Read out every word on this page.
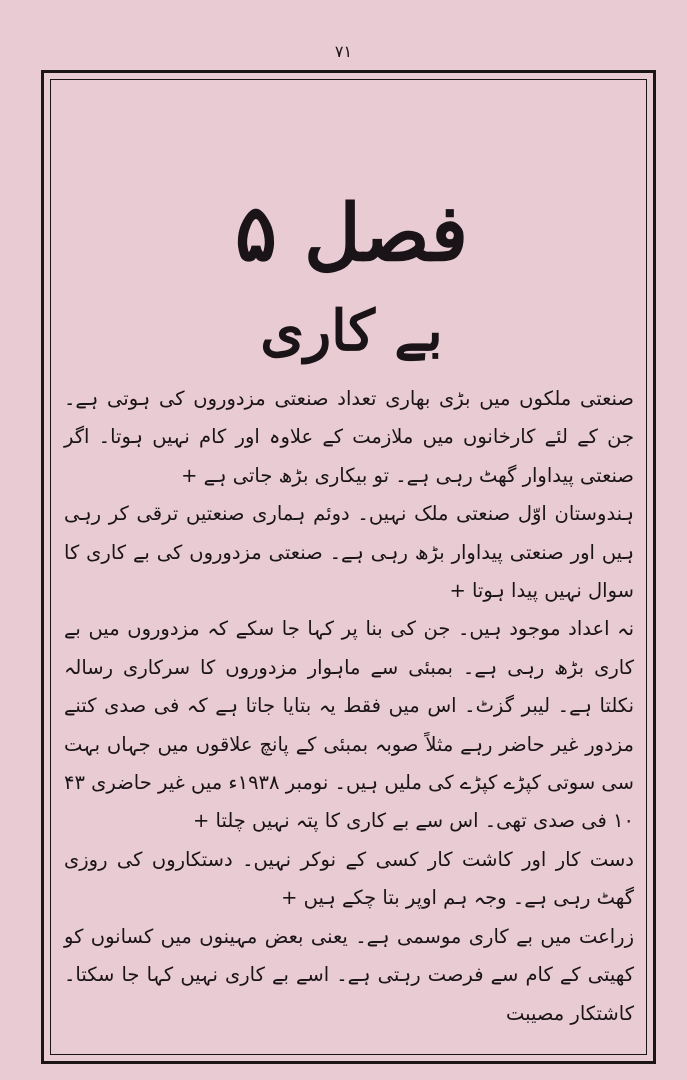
٧١
فصل ۵
بے کاری

صنعتی ملکوں میں بڑی بھاری تعداد صنعتی مزدوروں کی ہوتی ہے۔ جن کے لئے کارخانوں میں ملازمت کے علاوہ اور کام نہیں ہوتا۔ اگر صنعتی پیداوار گھٹ رہی ہے۔ تو بیکاری بڑھ جاتی ہے +

ہندوستان اوّل صنعتی ملک نہیں۔ دوئم ہماری صنعتیں ترقی کر رہی ہیں اور صنعتی پیداوار بڑھ رہی ہے۔ صنعتی مزدوروں کی بے کاری کا سوال نہیں پیدا ہوتا +

نہ اعداد موجود ہیں۔ جن کی بنا پر کہا جا سکے کہ مزدوروں میں بے کاری بڑھ رہی ہے۔ بمبئی سے ماہوار مزدوروں کا سرکاری رسالہ نکلتا ہے۔ لیبر گزٹ۔ اس میں فقط یہ بتایا جاتا ہے کہ فی صدی کتنے مزدور غیر حاضر رہے مثلاً صوبہ بمبئی کے پانچ علاقوں میں جہاں بہت سی سوتی کپڑے کپڑے کی ملیں ہیں۔ نومبر ۱۹۳۸ء میں غیر حاضری ۴۳ ۱۰ فی صدی تھی۔ اس سے بے کاری کا پتہ نہیں چلتا +

دست کار اور کاشت کار کسی کے نوکر نہیں۔ دستکاروں کی روزی گھٹ رہی ہے۔ وجہ ہم اوپر بتا چکے ہیں +

زراعت میں بے کاری موسمی ہے۔ یعنی بعض مہینوں میں کسانوں کو کھیتی کے کام سے فرصت رہتی ہے۔ اسے بے کاری نہیں کہا جا سکتا۔ کاشتکار مصیبت
